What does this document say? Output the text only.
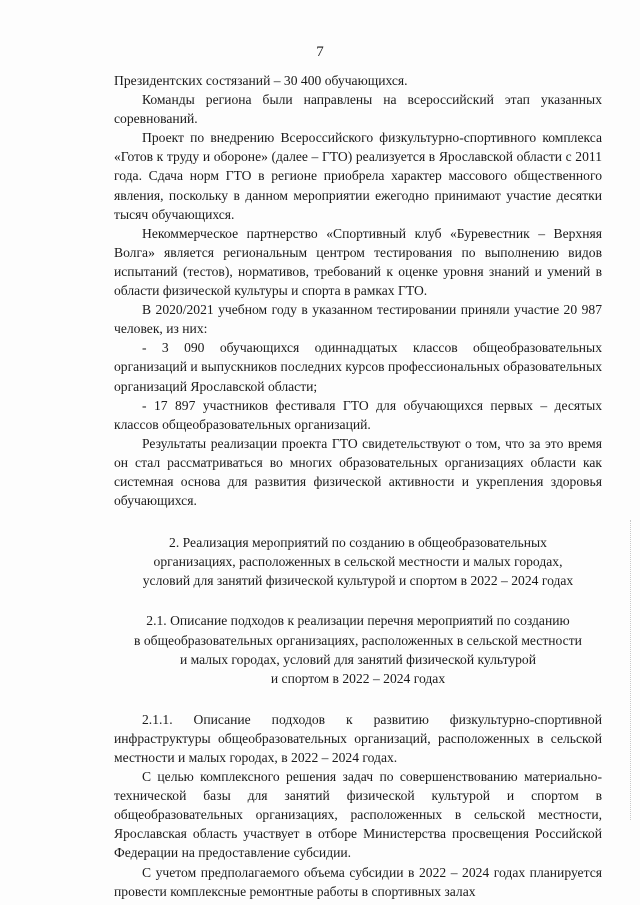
7

Президентских состязаний – 30 400 обучающихся.

Команды региона были направлены на всероссийский этап указанных соревнований.

Проект по внедрению Всероссийского физкультурно-спортивного комплекса «Готов к труду и обороне» (далее – ГТО) реализуется в Ярославской области с 2011 года. Сдача норм ГТО в регионе приобрела характер массового общественного явления, поскольку в данном мероприятии ежегодно принимают участие десятки тысяч обучающихся.

Некоммерческое партнерство «Спортивный клуб «Буревестник – Верхняя Волга» является региональным центром тестирования по выполнению видов испытаний (тестов), нормативов, требований к оценке уровня знаний и умений в области физической культуры и спорта в рамках ГТО.

В 2020/2021 учебном году в указанном тестировании приняли участие 20 987 человек, из них:

- 3 090 обучающихся одиннадцатых классов общеобразовательных организаций и выпускников последних курсов профессиональных образовательных организаций Ярославской области;

- 17 897 участников фестиваля ГТО для обучающихся первых – десятых классов общеобразовательных организаций.

Результаты реализации проекта ГТО свидетельствуют о том, что за это время он стал рассматриваться во многих образовательных организациях области как системная основа для развития физической активности и укрепления здоровья обучающихся.

2. Реализация мероприятий по созданию в общеобразовательных

организациях, расположенных в сельской местности и малых городах,

условий для занятий физической культурой и спортом в 2022 – 2024 годах

2.1. Описание подходов к реализации перечня мероприятий по созданию

в общеобразовательных организациях, расположенных в сельской местности

и малых городах, условий для занятий физической культурой

и спортом в 2022 – 2024 годах

2.1.1. Описание подходов к развитию физкультурно-спортивной инфраструктуры общеобразовательных организаций, расположенных в сельской местности и малых городах, в 2022 – 2024 годах.

С целью комплексного решения задач по совершенствованию материально-технической базы для занятий физической культурой и спортом в общеобразовательных организациях, расположенных в сельской местности, Ярославская область участвует в отборе Министерства просвещения Российской Федерации на предоставление субсидии.

С учетом предполагаемого объема субсидии в 2022 – 2024 годах планируется провести комплексные ремонтные работы в спортивных залах
